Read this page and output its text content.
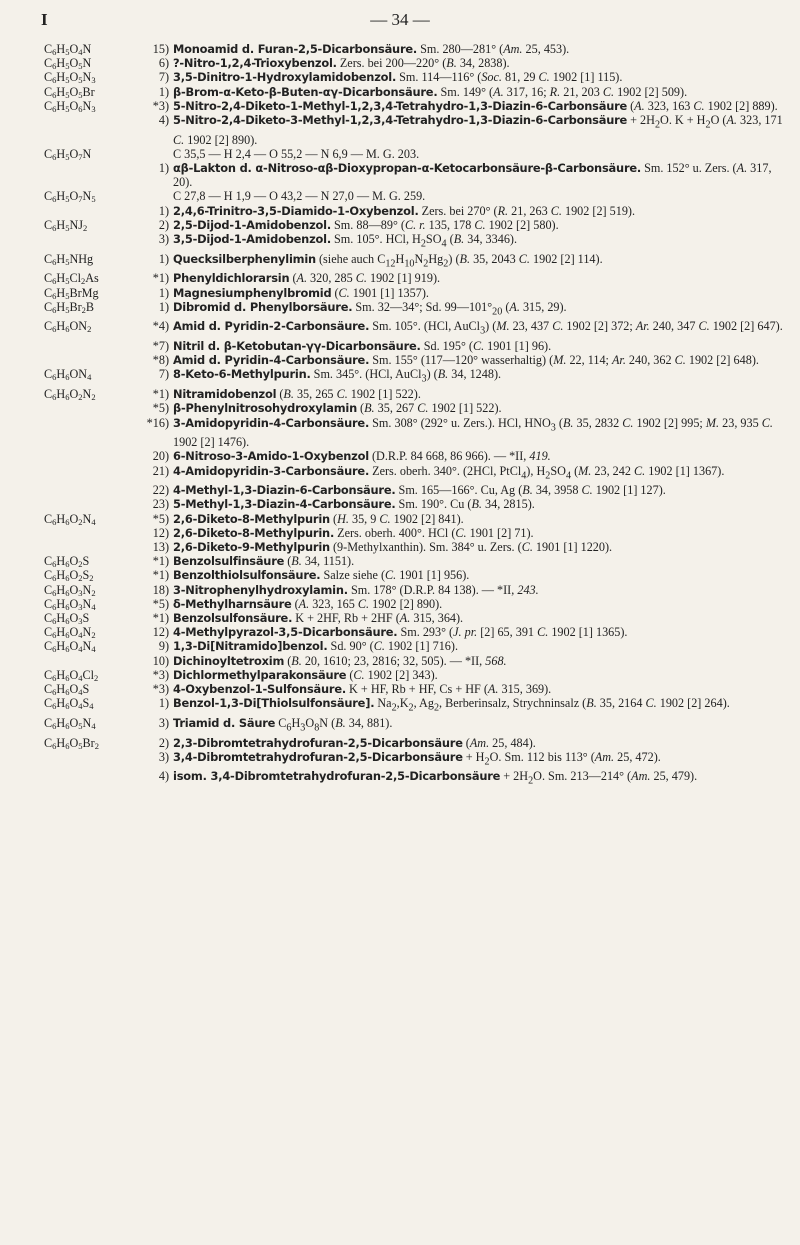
I	— 34 —
$C_6H_5O_4N$	15) Monoamid d. Furan-2,5-Dicarbonsäure. Sm. 280—281° (Am. 25, 453).
$C_6H_5O_5N$	6) ?-Nitro-1,2,4-Trioxybenzol. Zers. bei 200—220° (B. 34, 2838).
$C_6H_5O_5N_3$	7) 3,5-Dinitro-1-Hydroxylamidobenzol. Sm. 114—116° (Soc. 81, 29 C. 1902 [1] 115).
$C_6H_5O_5Br$	1) β-Brom-α-Keto-β-Buten-αγ-Dicarbonsäure. Sm. 149° (A. 317, 16; R. 21, 203 C. 1902 [2] 509).
$C_6H_5O_6N_3$	*3) 5-Nitro-2,4-Diketo-1-Methyl-1,2,3,4-Tetrahydro-1,3-Diazin-6-Carbonsäure (A. 323, 163 C. 1902 [2] 889).
4) 5-Nitro-2,4-Diketo-3-Methyl-1,2,3,4-Tetrahydro-1,3-Diazin-6-Carbonsäure + $2H_2O$. $K + H_2O$ (A. 323, 171 C. 1902 [2] 890).
$C_6H_5O_7N$	C 35,5 — H 2,4 — O 55,2 — N 6,9 — M. G. 203.
1) αβ-Lakton d. α-Nitroso-αβ-Dioxypropan-α-Ketocarbonsäure-β-Carbonsäure. Sm. 152° u. Zers. (A. 317, 20).
$C_6H_5O_7N_5$	C 27,8 — H 1,9 — O 43,2 — N 27,0 — M. G. 259.
1) 2,4,6-Trinitro-3,5-Diamido-1-Oxybenzol. Zers. bei 270° (R. 21, 263 C. 1902 [2] 519).
$C_6H_5NJ_2$	2) 2,5-Dijod-1-Amidobenzol. Sm. 88—89° (C. r. 135, 178 C. 1902 [2] 580).
3) 3,5-Dijod-1-Amidobenzol. Sm. 105°. HCl, $H_2SO_4$ (B. 34, 3346).
$C_6H_5NHg$	1) Quecksilberphenylimin (siehe auch $C_{12}H_{10}N_2Hg_2$) (B. 35, 2043 C. 1902 [2] 114).
$C_6H_5Cl_2As$	*1) Phenyldichlorarsin (A. 320, 285 C. 1902 [1] 919).
$C_6H_5BrMg$	1) Magnesiumphenylbromid (C. 1901 [1] 1357).
$C_6H_5Br_2B$	1) Dibromid d. Phenylborsäure. Sm. 32—34°; Sd. $99—101^\circ_{20}$ (A. 315, 29).
$C_6H_6ON_2$	*4) Amid d. Pyridin-2-Carbonsäure. Sm. 105°. (HCl, AuCl$_3$) (M. 23, 437 C. 1902 [2] 372; Ar. 240, 347 C. 1902 [2] 647).
*7) Nitril d. β-Ketobutan-γγ-Dicarbonsäure. Sd. 195° (C. 1901 [1] 96).
*8) Amid d. Pyridin-4-Carbonsäure. Sm. 155° (117—120° wasserhaltig) (M. 22, 114; Ar. 240, 362 C. 1902 [2] 648).
$C_6H_6ON_4$	7) 8-Keto-6-Methylpurin. Sm. 345°. (HCl, AuCl$_3$) (B. 34, 1248).
$C_6H_6O_2N_2$	*1) Nitramidobenzol (B. 35, 265 C. 1902 [1] 522).
*5) β-Phenylnitrosohydroxylamin (B. 35, 267 C. 1902 [1] 522).
*16) 3-Amidopyridin-4-Carbonsäure. Sm. 308° (292° u. Zers.). HCl, $HNO_3$ (B. 35, 2832 C. 1902 [2] 995; M. 23, 935 C. 1902 [2] 1476).
20) 6-Nitroso-3-Amido-1-Oxybenzol (D.R.P. 84 668, 86 966). — *II, 419.
21) 4-Amidopyridin-3-Carbonsäure. Zers. oberh. 340°. (2HCl, PtCl$_4$), $H_2SO_4$ (M. 23, 242 C. 1902 [1] 1367).
22) 4-Methyl-1,3-Diazin-6-Carbonsäure. Sm. 165—166°. Cu, Ag (B. 34, 3958 C. 1902 [1] 127).
23) 5-Methyl-1,3-Diazin-4-Carbonsäure. Sm. 190°. Cu (B. 34, 2815).
$C_6H_6O_2N_4$	*5) 2,6-Diketo-8-Methylpurin (H. 35, 9 C. 1902 [2] 841).
12) 2,6-Diketo-8-Methylpurin. Zers. oberh. 400°. HCl (C. 1901 [2] 71).
13) 2,6-Diketo-9-Methylpurin (9-Methylxanthin). Sm. 384° u. Zers. (C. 1901 [1] 1220).
$C_6H_6O_2S$	*1) Benzolsulfinsäure (B. 34, 1151).
$C_6H_6O_2S_2$	*1) Benzolthiolsulfonsäure. Salze siehe (C. 1901 [1] 956).
$C_6H_6O_3N_2$	18) 3-Nitrophenylhydroxylamin. Sm. 178° (D.R.P. 84 138). — *II, 243.
$C_6H_6O_3N_4$	*5) δ-Methylharnsäure (A. 323, 165 C. 1902 [2] 890).
$C_6H_6O_3S$	*1) Benzolsulfonsäure. K + 2HF, Rb + 2HF (A. 315, 364).
$C_6H_6O_4N_2$	12) 4-Methylpyrazol-3,5-Dicarbonsäure. Sm. 293° (J. pr. [2] 65, 391 C. 1902 [1] 1365).
$C_6H_6O_4N_4$	9) 1,3-Di[Nitramido]benzol. Sd. 90° (C. 1902 [1] 716).
10) Dichinoyltetroxim (B. 20, 1610; 23, 2816; 32, 505). — *II, 568.
$C_6H_6O_4Cl_2$	*3) Dichlormethylparakonsäure (C. 1902 [2] 343).
$C_6H_6O_4S$	*3) 4-Oxybenzol-1-Sulfonsäure. K + HF, Rb + HF, Cs + HF (A. 315, 369).
$C_6H_6O_4S_4$	1) Benzol-1,3-Di[Thiolsulfonsäure]. $Na_2,K_2$, $Ag_2$, Berberinsalz, Strychninsalz (B. 35, 2164 C. 1902 [2] 264).
$C_6H_6O_5N_4$	3) Triamid d. Säure $C_6H_3O_8N$ (B. 34, 881).
$C_6H_6O_5Br_2$	2) 2,3-Dibromtetrahydrofuran-2,5-Dicarbonsäure (Am. 25, 484).
3) 3,4-Dibromtetrahydrofuran-2,5-Dicarbonsäure + $H_2O$. Sm. 112 bis 113° (Am. 25, 472).
4) isom. 3,4-Dibromtetrahydrofuran-2,5-Dicarbonsäure + $2H_2O$. Sm. 213—214° (Am. 25, 479).
